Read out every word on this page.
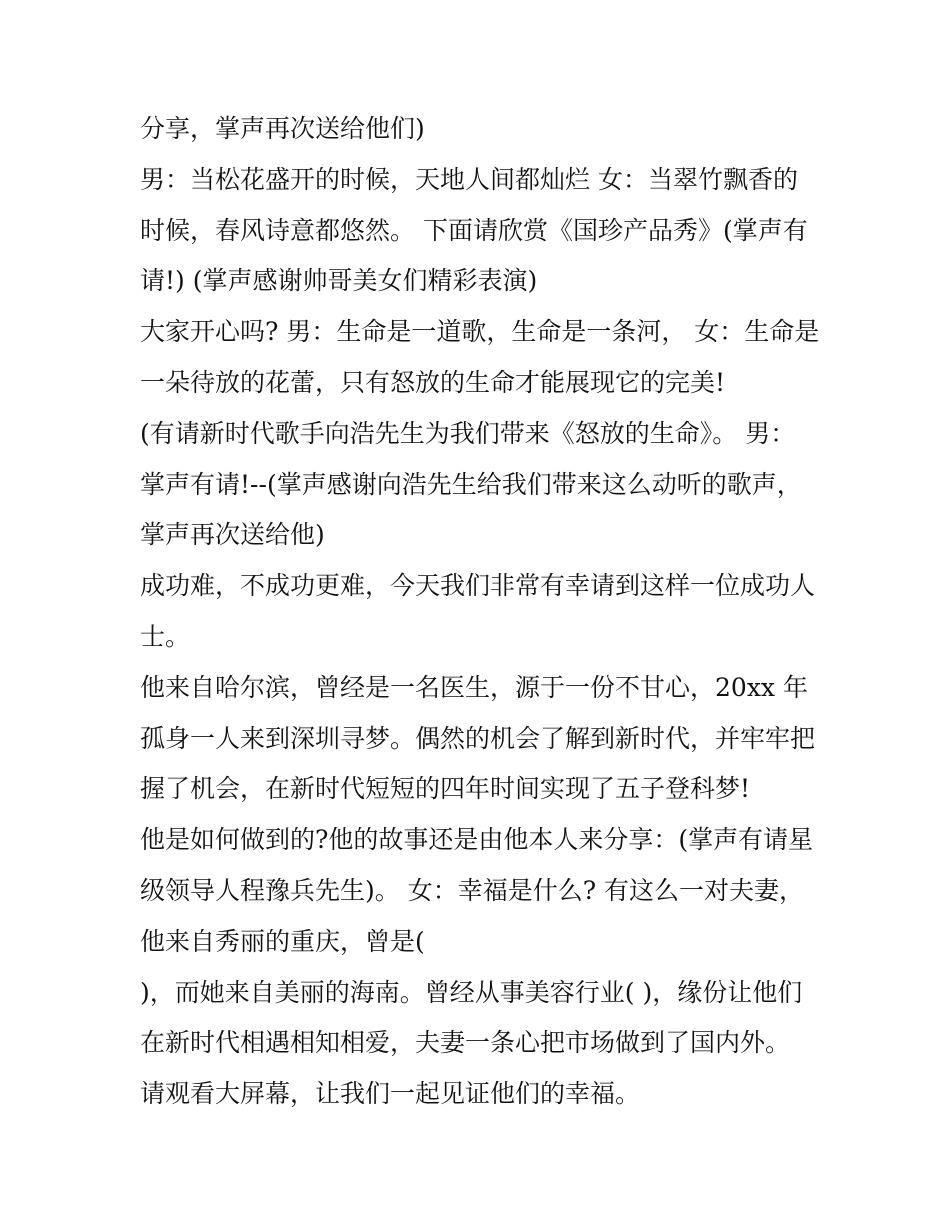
分享，掌声再次送给他们)
男：当松花盛开的时候，天地人间都灿烂 女：当翠竹飘香的
时候，春风诗意都悠然。 下面请欣赏《国珍产品秀》(掌声有
请!) (掌声感谢帅哥美女们精彩表演)
大家开心吗? 男：生命是一道歌，生命是一条河， 女：生命是
一朵待放的花蕾，只有怒放的生命才能展现它的完美!
(有请新时代歌手向浩先生为我们带来《怒放的生命》。 男：
掌声有请!--(掌声感谢向浩先生给我们带来这么动听的歌声，
掌声再次送给他)
成功难，不成功更难，今天我们非常有幸请到这样一位成功人
士。
他来自哈尔滨，曾经是一名医生，源于一份不甘心，20xx 年
孤身一人来到深圳寻梦。偶然的机会了解到新时代，并牢牢把
握了机会，在新时代短短的四年时间实现了五子登科梦!
他是如何做到的?他的故事还是由他本人来分享：(掌声有请星
级领导人程豫兵先生)。 女：幸福是什么? 有这么一对夫妻，
他来自秀丽的重庆，曾是(
)，而她来自美丽的海南。曾经从事美容行业( )，缘份让他们
在新时代相遇相知相爱，夫妻一条心把市场做到了国内外。
请观看大屏幕，让我们一起见证他们的幸福。
